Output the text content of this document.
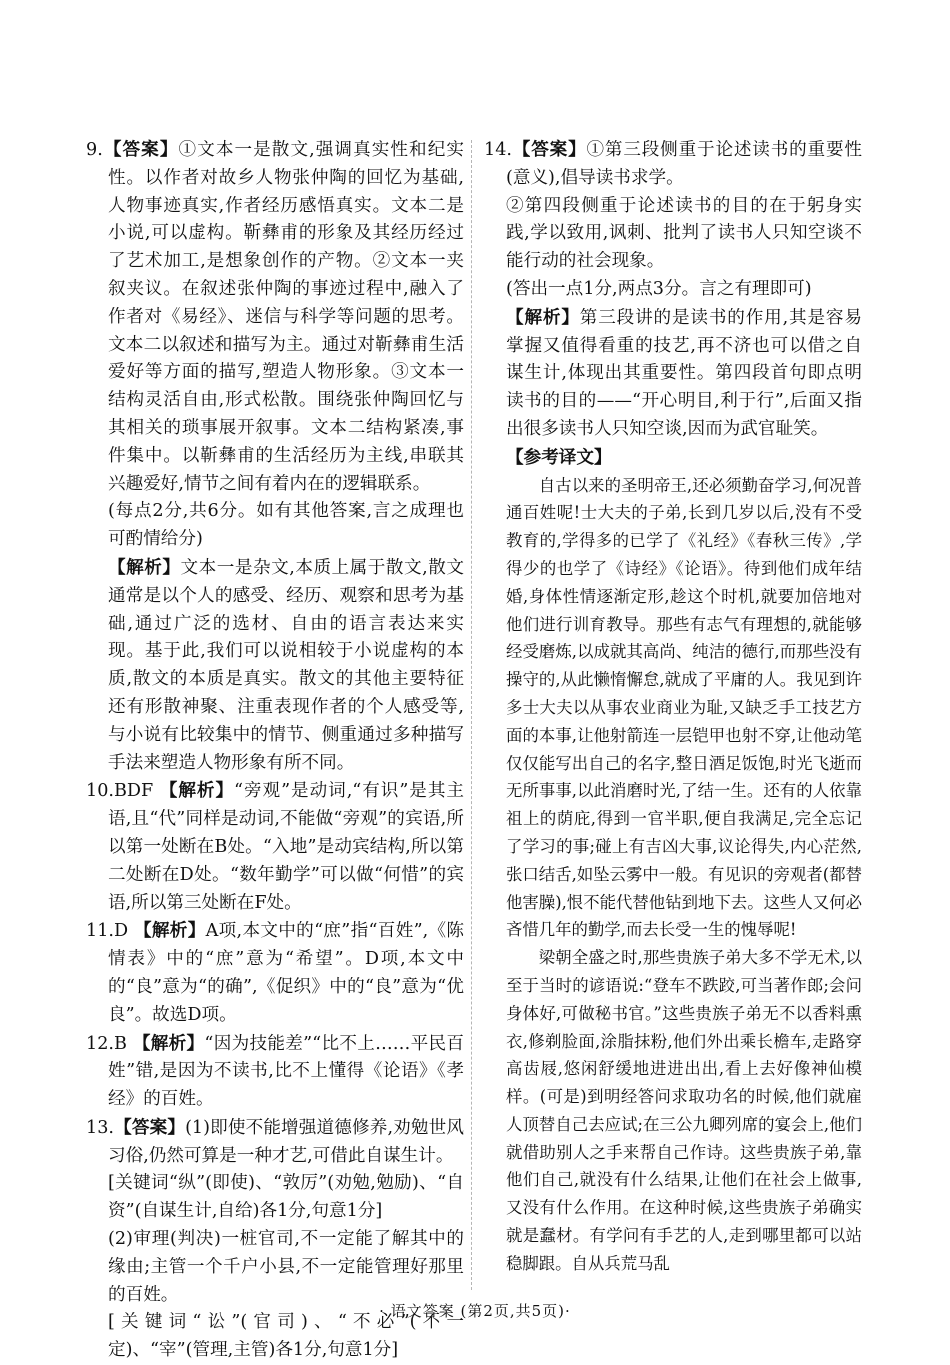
9.【答案】①文本一是散文,强调真实性和纪实性。以作者对故乡人物张仲陶的回忆为基础,人物事迹真实,作者经历感悟真实。文本二是小说,可以虚构。靳彝甫的形象及其经历经过了艺术加工,是想象创作的产物。②文本一夹叙夹议。在叙述张仲陶的事迹过程中,融入了作者对《易经》、迷信与科学等问题的思考。文本二以叙述和描写为主。通过对靳彝甫生活爱好等方面的描写,塑造人物形象。③文本一结构灵活自由,形式松散。围绕张仲陶回忆与其相关的琐事展开叙事。文本二结构紧凑,事件集中。以靳彝甫的生活经历为主线,串联其兴趣爱好,情节之间有着内在的逻辑联系。

(每点2分,共6分。如有其他答案,言之成理也可酌情给分)

【解析】文本一是杂文,本质上属于散文,散文通常是以个人的感受、经历、观察和思考为基础,通过广泛的选材、自由的语言表达来实现。基于此,我们可以说相较于小说虚构的本质,散文的本质是真实。散文的其他主要特征还有形散神聚、注重表现作者的个人感受等,与小说有比较集中的情节、侧重通过多种描写手法来塑造人物形象有所不同。

10.BDF 【解析】“旁观”是动词,“有识”是其主语,且“代”同样是动词,不能做“旁观”的宾语,所以第一处断在B处。“入地”是动宾结构,所以第二处断在D处。“数年勤学”可以做“何惜”的宾语,所以第三处断在F处。

11.D 【解析】A项,本文中的“庶”指“百姓”,《陈情表》中的“庶”意为“希望”。D项,本文中的“良”意为“的确”,《促织》中的“良”意为“优良”。故选D项。

12.B 【解析】“因为技能差”“比不上……平民百姓”错,是因为不读书,比不上懂得《论语》《孝经》的百姓。

13.【答案】(1)即使不能增强道德修养,劝勉世风习俗,仍然可算是一种才艺,可借此自谋生计。

[关键词“纵”(即使)、“敦厉”(劝勉,勉励)、“自资”(自谋生计,自给)各1分,句意1分]

(2)审理(判决)一桩官司,不一定能了解其中的缘由;主管一个千户小县,不一定能管理好那里的百姓。

[关键词“讼”(官司)、“不必”(不一定)、“宰”(管理,主管)各1分,句意1分]

14.【答案】①第三段侧重于论述读书的重要性(意义),倡导读书求学。

②第四段侧重于论述读书的目的在于躬身实践,学以致用,讽刺、批判了读书人只知空谈不能行动的社会现象。

(答出一点1分,两点3分。言之有理即可)

【解析】第三段讲的是读书的作用,其是容易掌握又值得看重的技艺,再不济也可以借之自谋生计,体现出其重要性。第四段首句即点明读书的目的——“开心明目,利于行”,后面又指出很多读书人只知空谈,因而为武官耻笑。

【参考译文】

自古以来的圣明帝王,还必须勤奋学习,何况普通百姓呢!士大夫的子弟,长到几岁以后,没有不受教育的,学得多的已学了《礼经》《春秋三传》,学得少的也学了《诗经》《论语》。待到他们成年结婚,身体性情逐渐定形,趁这个时机,就要加倍地对他们进行训育教导。那些有志气有理想的,就能够经受磨炼,以成就其高尚、纯洁的德行,而那些没有操守的,从此懒惰懈怠,就成了平庸的人。我见到许多士大夫以从事农业商业为耻,又缺乏手工技艺方面的本事,让他射箭连一层铠甲也射不穿,让他动笔仅仅能写出自己的名字,整日酒足饭饱,时光飞逝而无所事事,以此消磨时光,了结一生。还有的人依靠祖上的荫庇,得到一官半职,便自我满足,完全忘记了学习的事;碰上有吉凶大事,议论得失,内心茫然,张口结舌,如坠云雾中一般。有见识的旁观者(都替他害臊),恨不能代替他钻到地下去。这些人又何必吝惜几年的勤学,而去长受一生的愧辱呢!

梁朝全盛之时,那些贵族子弟大多不学无术,以至于当时的谚语说:“登车不跌跤,可当著作郎;会问身体好,可做秘书官。”这些贵族子弟无不以香料熏衣,修剃脸面,涂脂抹粉,他们外出乘长檐车,走路穿高齿屐,悠闲舒缓地进进出出,看上去好像神仙模样。(可是)到明经答问求取功名的时候,他们就雇人顶替自己去应试;在三公九卿列席的宴会上,他们就借助别人之手来帮自己作诗。这些贵族子弟,靠他们自己,就没有什么结果,让他们在社会上做事,又没有什么作用。在这种时候,这些贵族子弟确实就是蠢材。有学问有手艺的人,走到哪里都可以站稳脚跟。自从兵荒马乱

· 语文答案 (第2页,共5页)·
